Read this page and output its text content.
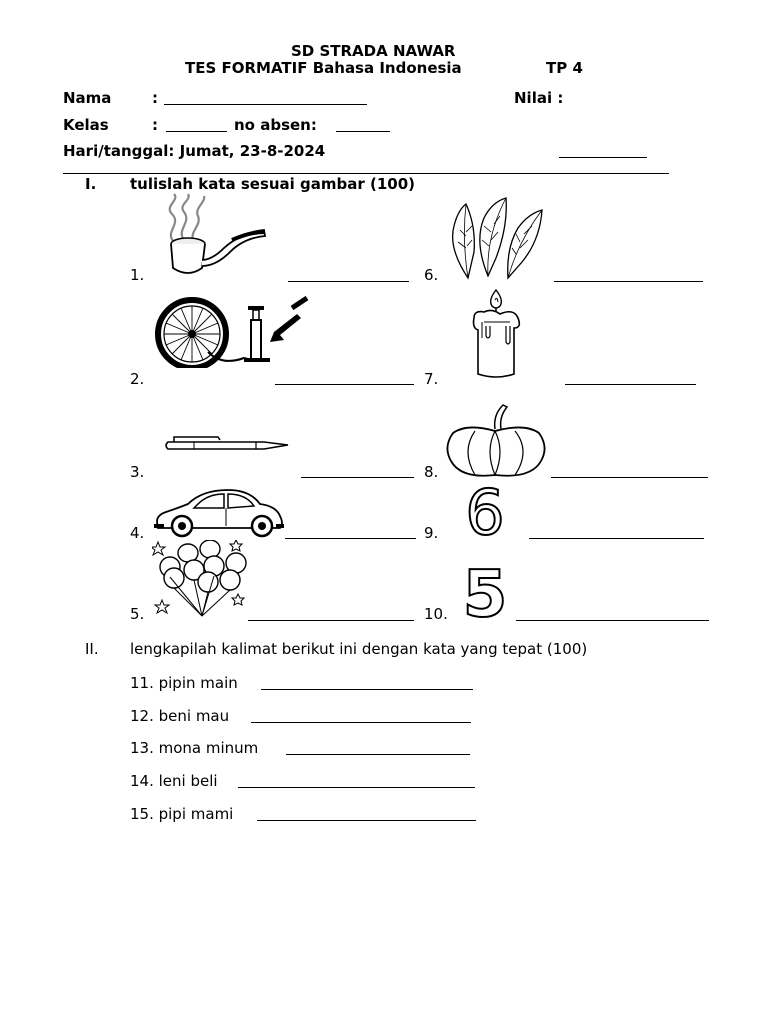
SD STRADA NAWAR
TES FORMATIF Bahasa Indonesia	TP 4
Nama	:	Nilai :
Kelas	:	no absen:
Hari/tanggal: Jumat, 23-8-2024
I. tulislah kata sesuai gambar (100)
1.
2.
3.
4.
5.
6.
7.
8.
9.
10.
6
5
II. lengkapilah kalimat berikut ini dengan kata yang tepat (100)
11. pipin main
12. beni mau
13. mona minum
14. leni beli
15. pipi mami
